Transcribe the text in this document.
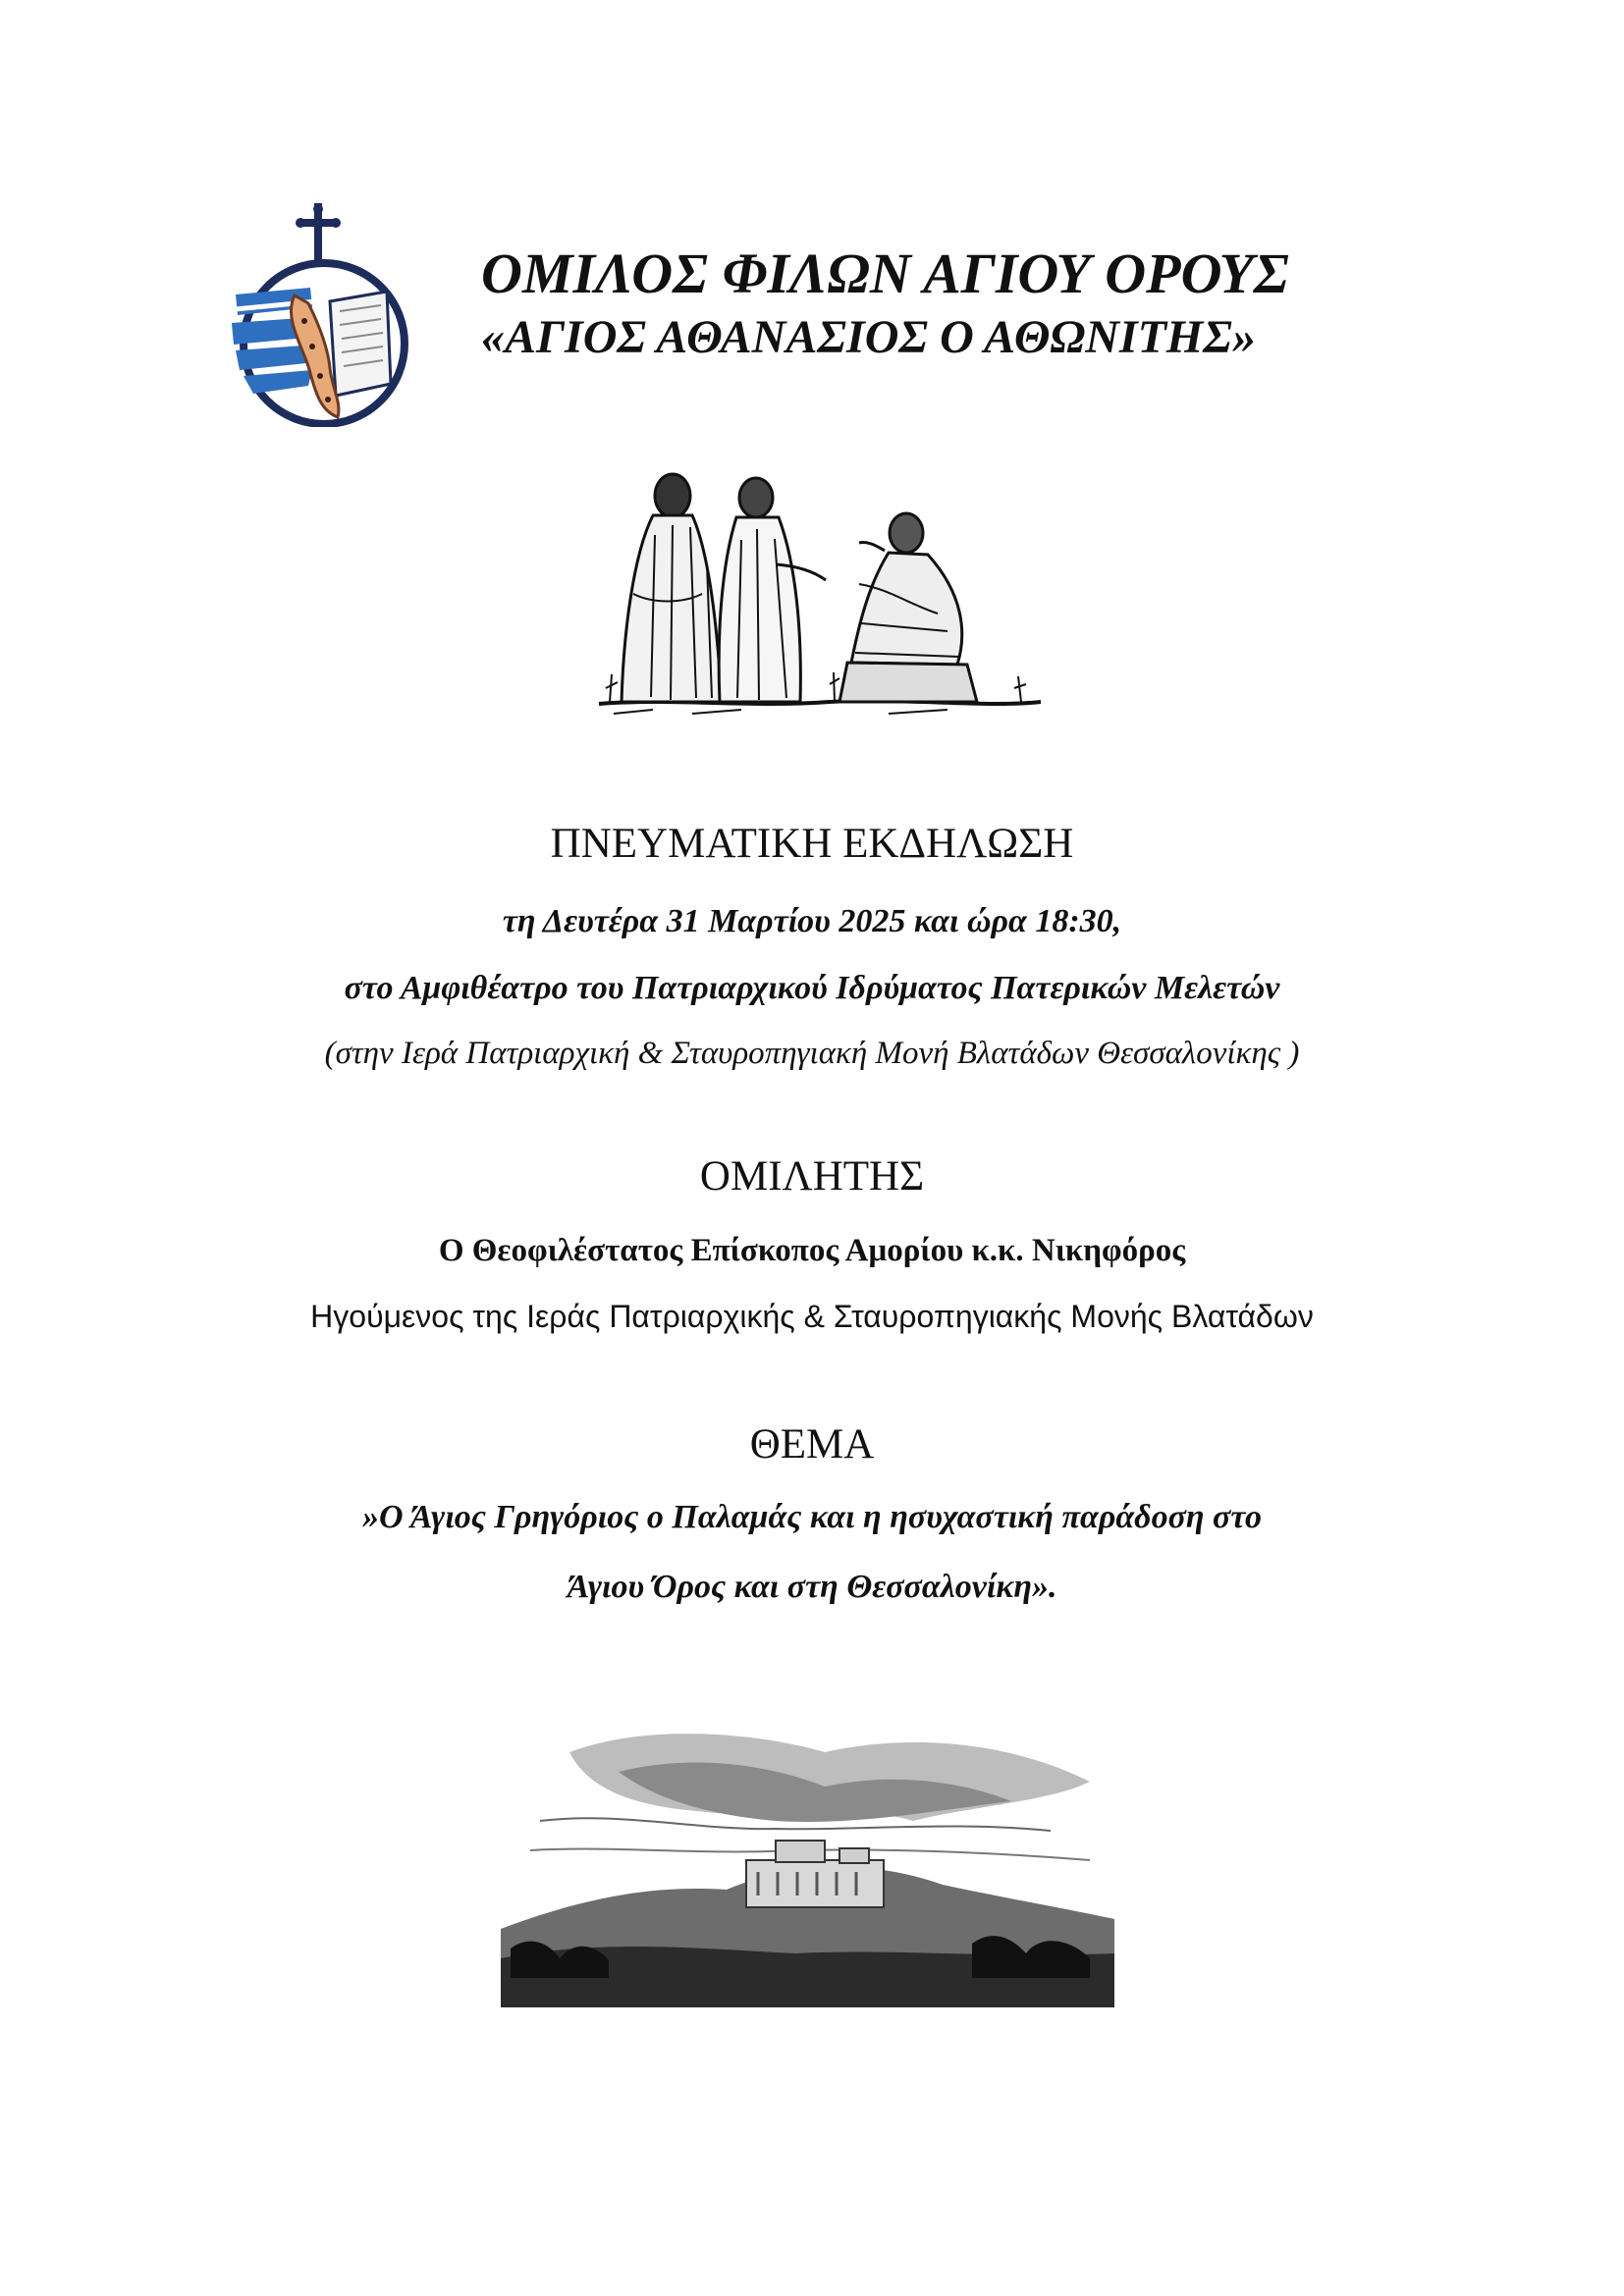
ΟΜΙΛΟΣ ΦΙΛΩΝ ΑΓΙΟΥ ΟΡΟΥΣ
«ΑΓΙΟΣ ΑΘΑΝΑΣΙΟΣ Ο ΑΘΩΝΙΤΗΣ»
ΠΝΕΥΜΑΤΙΚΗ ΕΚΔΗΛΩΣΗ
τη Δευτέρα 31 Μαρτίου 2025 και ώρα 18:30,
στο Αμφιθέατρο του Πατριαρχικού Ιδρύματος Πατερικών Μελετών
(στην Ιερά Πατριαρχική & Σταυροπηγιακή Μονή Βλατάδων Θεσσαλονίκης )
ΟΜΙΛΗΤΗΣ
Ο Θεοφιλέστατος Επίσκοπος Αμορίου κ.κ. Νικηφόρος
Ηγούμενος της Ιεράς Πατριαρχικής & Σταυροπηγιακής Μονής Βλατάδων
ΘΕΜΑ
»Ο Άγιος Γρηγόριος ο Παλαμάς και η ησυχαστική παράδοση στο
Άγιου Όρος και στη Θεσσαλονίκη».
